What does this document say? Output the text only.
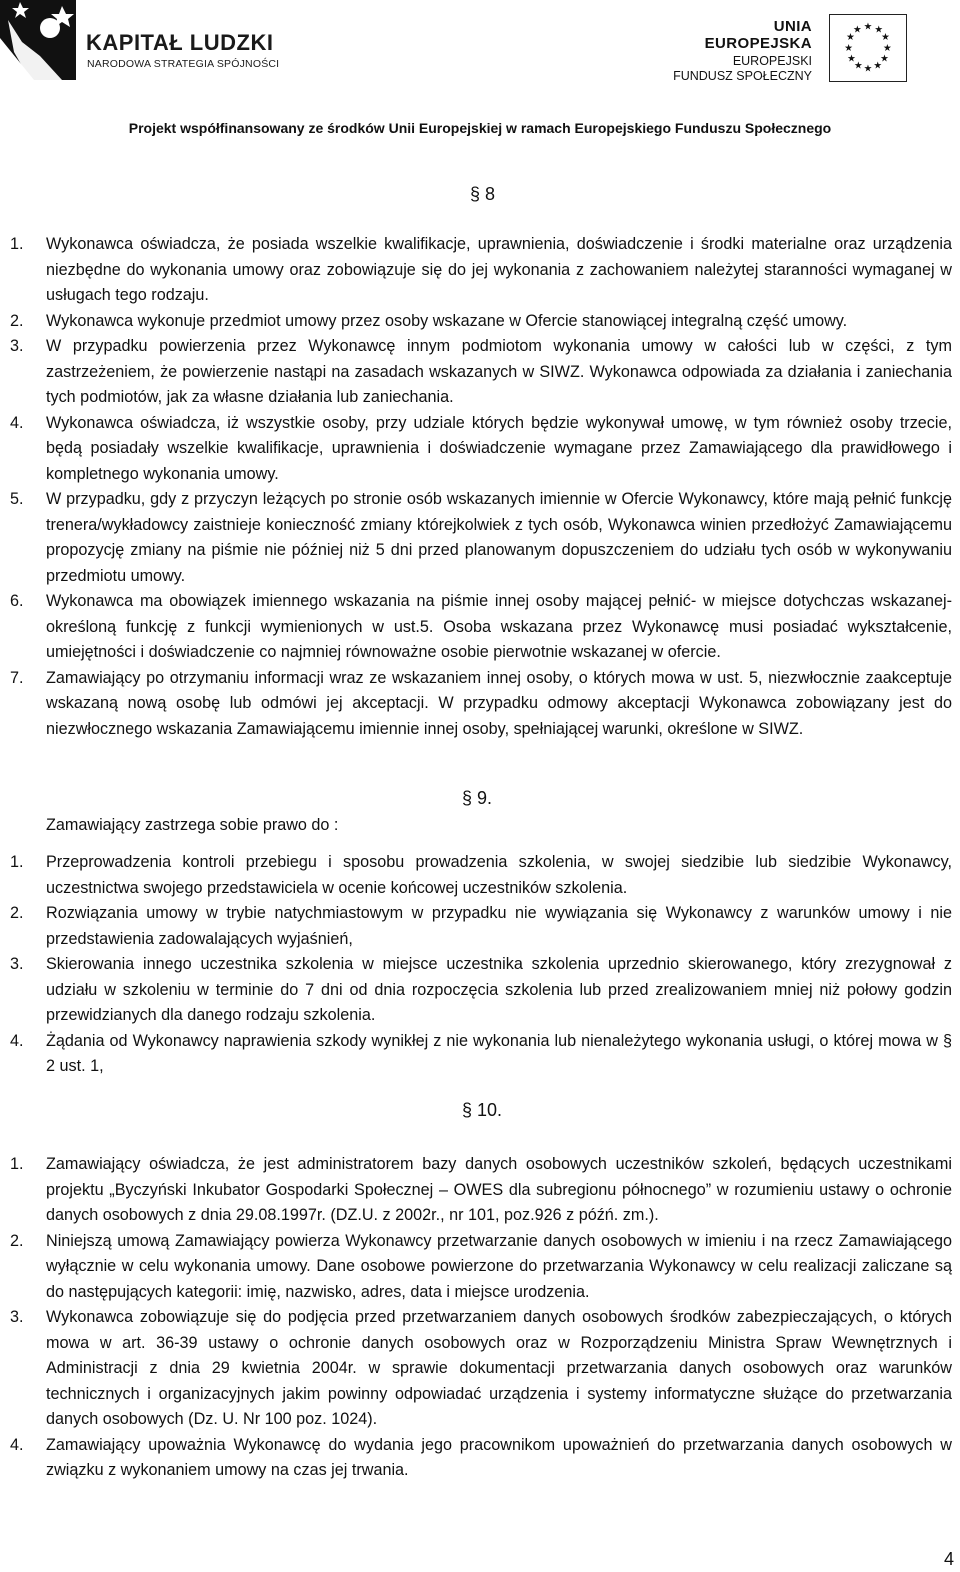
KAPITAŁ LUDZKI
NARODOWA STRATEGIA SPÓJNOŚCI
UNIA EUROPEJSKA
EUROPEJSKI
FUNDUSZ SPOŁECZNY
★ ★
★
★
★
★
★
★
★
★
★
★
Projekt współfinansowany ze środków Unii Europejskiej w ramach Europejskiego Funduszu Społecznego
§ 8
1. Wykonawca oświadcza, że posiada wszelkie kwalifikacje, uprawnienia, doświadczenie i środki materialne oraz urządzenia niezbędne do wykonania umowy oraz zobowiązuje się do jej wykonania z zachowaniem należytej staranności wymaganej w usługach tego rodzaju.
2. Wykonawca wykonuje przedmiot umowy przez osoby wskazane w Ofercie stanowiącej integralną część umowy.
3. W przypadku powierzenia przez Wykonawcę innym podmiotom wykonania umowy w całości lub w części, z tym zastrzeżeniem, że powierzenie nastąpi na zasadach wskazanych w SIWZ. Wykonawca odpowiada za działania i zaniechania tych podmiotów, jak za własne działania lub zaniechania.
4. Wykonawca oświadcza, iż wszystkie osoby, przy udziale których będzie wykonywał umowę, w tym również osoby trzecie, będą posiadały wszelkie kwalifikacje, uprawnienia i doświadczenie wymagane przez Zamawiającego dla prawidłowego i kompletnego wykonania umowy.
5. W przypadku, gdy z przyczyn leżących po stronie osób wskazanych imiennie w Ofercie Wykonawcy, które mają pełnić funkcję trenera/wykładowcy zaistnieje konieczność zmiany którejkolwiek z tych osób, Wykonawca winien przedłożyć Zamawiającemu propozycję zmiany na piśmie nie później niż 5 dni przed planowanym dopuszczeniem do udziału tych osób w wykonywaniu przedmiotu umowy.
6. Wykonawca ma obowiązek imiennego wskazania na piśmie innej osoby mającej pełnić- w miejsce dotychczas wskazanej- określoną funkcję z funkcji wymienionych w ust.5. Osoba wskazana przez Wykonawcę musi posiadać wykształcenie, umiejętności i doświadczenie co najmniej równoważne osobie pierwotnie wskazanej w ofercie.
7. Zamawiający po otrzymaniu informacji wraz ze wskazaniem innej osoby, o których mowa w ust. 5, niezwłocznie zaakceptuje wskazaną nową osobę lub odmówi jej akceptacji. W przypadku odmowy akceptacji Wykonawca zobowiązany jest do niezwłocznego wskazania Zamawiającemu imiennie innej osoby, spełniającej warunki, określone w SIWZ.
§ 9.
Zamawiający zastrzega sobie prawo do :
1. Przeprowadzenia kontroli przebiegu i sposobu prowadzenia szkolenia, w swojej siedzibie lub siedzibie Wykonawcy, uczestnictwa swojego przedstawiciela w ocenie końcowej uczestników szkolenia.
2. Rozwiązania umowy w trybie natychmiastowym w przypadku nie wywiązania się Wykonawcy z warunków umowy i nie przedstawienia zadowalających wyjaśnień,
3. Skierowania innego uczestnika szkolenia w miejsce uczestnika szkolenia uprzednio skierowanego, który zrezygnował z udziału w szkoleniu w terminie do 7 dni od dnia rozpoczęcia szkolenia lub przed zrealizowaniem mniej niż połowy godzin przewidzianych dla danego rodzaju szkolenia.
4. Żądania od Wykonawcy naprawienia szkody wynikłej z nie wykonania lub nienależytego wykonania usługi, o której mowa w § 2 ust. 1,
§ 10.
1. Zamawiający oświadcza, że jest administratorem bazy danych osobowych uczestników szkoleń, będących uczestnikami projektu „Byczyński Inkubator Gospodarki Społecznej – OWES dla subregionu północnego” w rozumieniu ustawy o ochronie danych osobowych z dnia 29.08.1997r. (DZ.U. z 2002r., nr 101, poz.926 z późń. zm.).
2. Niniejszą umową Zamawiający powierza Wykonawcy przetwarzanie danych osobowych w imieniu i na rzecz Zamawiającego wyłącznie w celu wykonania umowy. Dane osobowe powierzone do przetwarzania Wykonawcy w celu realizacji zaliczane są do następujących kategorii: imię, nazwisko, adres, data i miejsce urodzenia.
3. Wykonawca zobowiązuje się do podjęcia przed przetwarzaniem danych osobowych środków zabezpieczających, o których mowa w art. 36-39 ustawy o ochronie danych osobowych oraz w Rozporządzeniu Ministra Spraw Wewnętrznych i Administracji z dnia 29 kwietnia 2004r. w sprawie dokumentacji przetwarzania danych osobowych oraz warunków technicznych i organizacyjnych jakim powinny odpowiadać urządzenia i systemy informatyczne służące do przetwarzania danych osobowych (Dz. U. Nr 100 poz. 1024).
4. Zamawiający upoważnia Wykonawcę do wydania jego pracownikom upoważnień do przetwarzania danych osobowych w związku z wykonaniem umowy na czas jej trwania.
4
